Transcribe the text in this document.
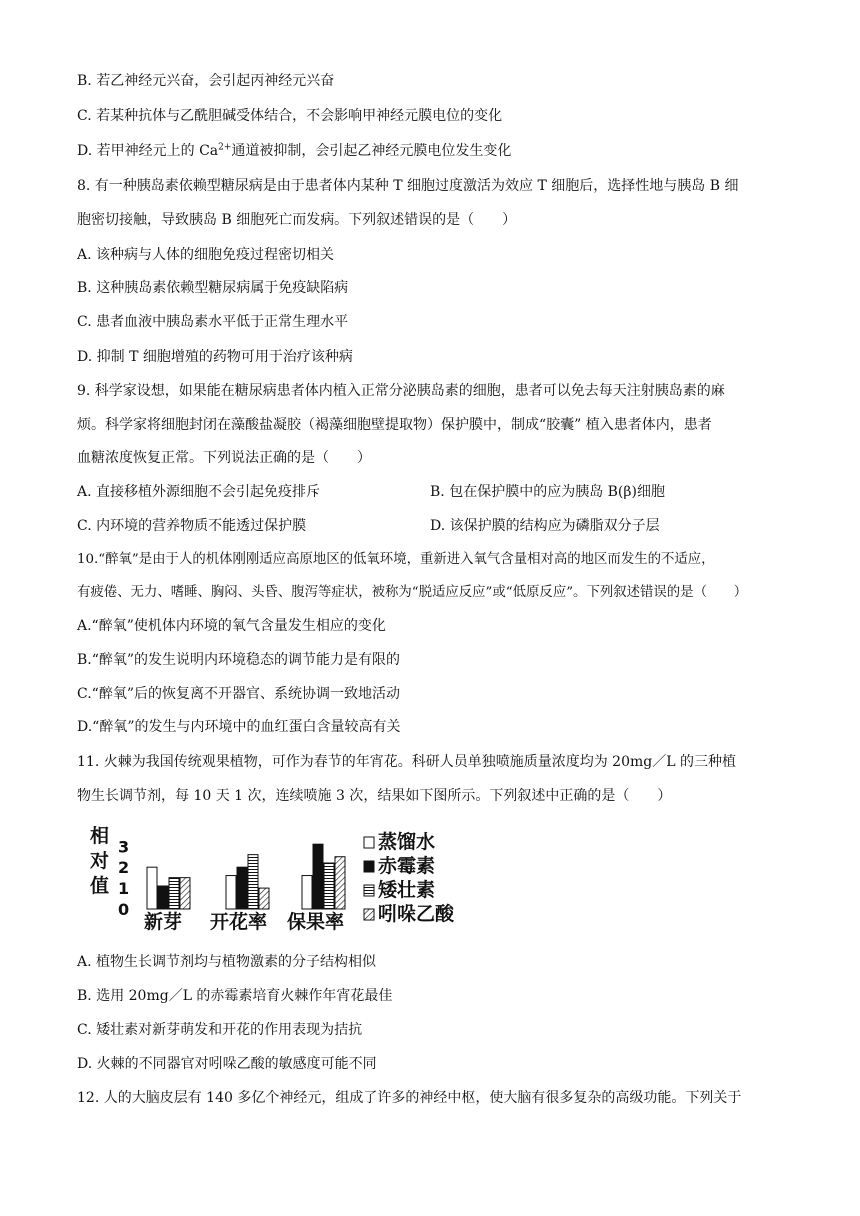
B. 若乙神经元兴奋，会引起丙神经元兴奋
C. 若某种抗体与乙酰胆碱受体结合，不会影响甲神经元膜电位的变化
D. 若甲神经元上的 $Ca^{2+}$通道被抑制，会引起乙神经元膜电位发生变化
8. 有一种胰岛素依赖型糖尿病是由于患者体内某种 T 细胞过度激活为效应 T 细胞后，选择性地与胰岛 B 细
胞密切接触，导致胰岛 B 细胞死亡而发病。下列叙述错误的是（　　）
A. 该种病与人体的细胞免疫过程密切相关
B. 这种胰岛素依赖型糖尿病属于免疫缺陷病
C. 患者血液中胰岛素水平低于正常生理水平
D. 抑制 T 细胞增殖的药物可用于治疗该种病
9. 科学家设想，如果能在糖尿病患者体内植入正常分泌胰岛素的细胞，患者可以免去每天注射胰岛素的麻
烦。科学家将细胞封闭在藻酸盐凝胶（褐藻细胞壁提取物）保护膜中，制成“胶囊” 植入患者体内，患者
血糖浓度恢复正常。下列说法正确的是（　　）
A. 直接移植外源细胞不会引起免疫排斥	B. 包在保护膜中的应为胰岛 B(β)细胞
C. 内环境的营养物质不能透过保护膜	D. 该保护膜的结构应为磷脂双分子层
10.“醉氧”是由于人的机体刚刚适应高原地区的低氧环境，重新进入氧气含量相对高的地区而发生的不适应，
有疲倦、无力、嗜睡、胸闷、头昏、腹泻等症状，被称为“脱适应反应”或“低原反应”。下列叙述错误的是（　　）
A.“醉氧”使机体内环境的氧气含量发生相应的变化
B.“醉氧”的发生说明内环境稳态的调节能力是有限的
C.“醉氧”后的恢复离不开器官、系统协调一致地活动
D.“醉氧”的发生与内环境中的血红蛋白含量较高有关
11. 火棘为我国传统观果植物，可作为春节的年宵花。科研人员单独喷施质量浓度均为 20mg／L 的三种植
物生长调节剂，每 10 天 1 次，连续喷施 3 次，结果如下图所示。下列叙述中正确的是（　　）
相
对
值
0
1
2
3
新芽 开花率 保果率
蒸馏水
赤霉素
矮壮素
吲哚乙酸
A. 植物生长调节剂均与植物激素的分子结构相似
B. 选用 20mg／L 的赤霉素培育火棘作年宵花最佳
C. 矮壮素对新芽萌发和开花的作用表现为拮抗
D. 火棘的不同器官对吲哚乙酸的敏感度可能不同
12. 人的大脑皮层有 140 多亿个神经元，组成了许多的神经中枢，使大脑有很多复杂的高级功能。下列关于
